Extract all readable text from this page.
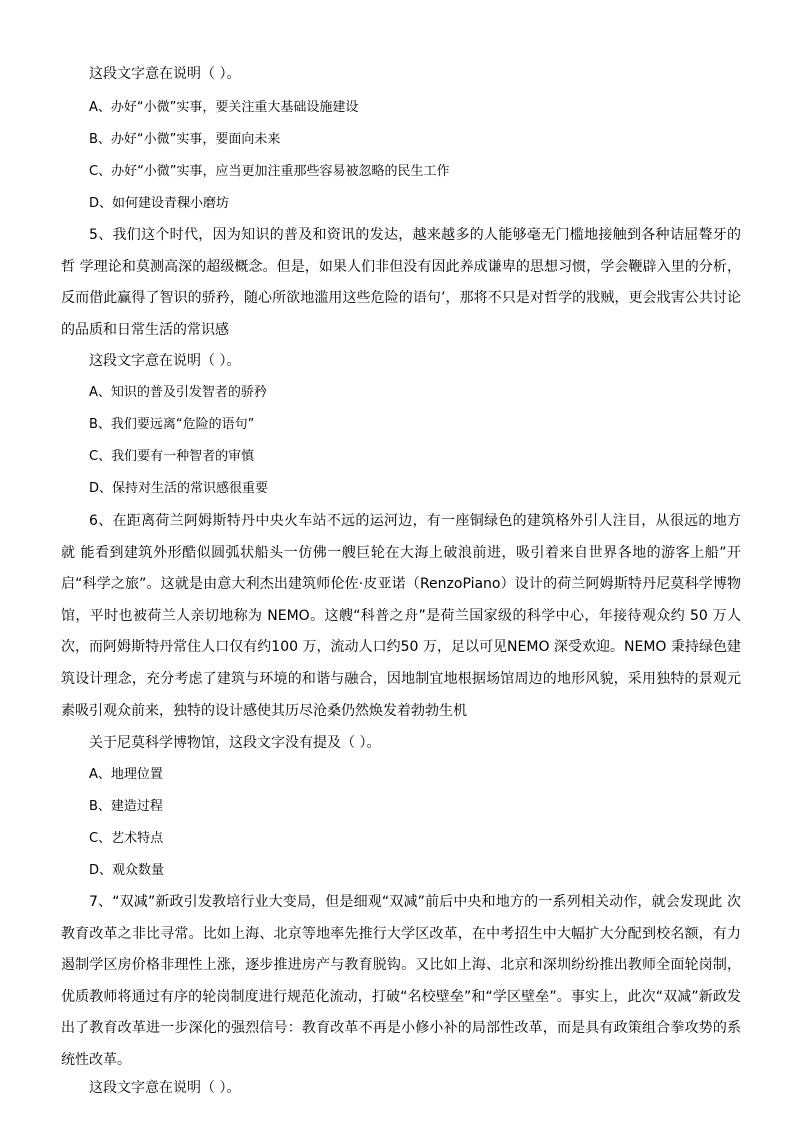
这段文字意在说明（ ）。
A、办好“小微”实事，要关注重大基础设施建设
B、办好“小微”实事，要面向未来
C、办好“小微”实事，应当更加注重那些容易被忽略的民生工作
D、如何建设青稞小磨坊
5、我们这个时代，因为知识的普及和资讯的发达，越来越多的人能够毫无门槛地接触到各种诘屈聱牙的哲 学理论和莫测高深的超级概念。但是，如果人们非但没有因此养成谦卑的思想习惯，学会鞭辟入里的分析，反而借此赢得了智识的骄矜，随心所欲地滥用这些危险的语句’，那将不只是对哲学的戕贼，更会戕害公共讨论的品质和日常生活的常识感
这段文字意在说明（ ）。
A、知识的普及引发智者的骄矜
B、我们要远离“危险的语句”
C、我们要有一种智者的审慎
D、保持对生活的常识感很重要
6、在距离荷兰阿姆斯特丹中央火车站不远的运河边，有一座铜绿色的建筑格外引人注目，从很远的地方就 能看到建筑外形酷似圆弧状船头一仿佛一艘巨轮在大海上破浪前进，吸引着来自世界各地的游客上船”开启“科学之旅”。这就是由意大利杰出建筑师伦佐·皮亚诺（RenzoPiano）设计的荷兰阿姆斯特丹尼莫科学博物馆，平时也被荷兰人亲切地称为 NEMO。这艘“科普之舟”是荷兰国家级的科学中心，年接待观众约 50 万人次，而阿姆斯特丹常住人口仅有约100 万，流动人口约50 万，足以可见NEMO 深受欢迎。NEMO 秉持绿色建筑设计理念，充分考虑了建筑与环境的和谐与融合，因地制宜地根据场馆周边的地形风貌，采用独特的景观元素吸引观众前来，独特的设计感使其历尽沧桑仍然焕发着勃勃生机
关于尼莫科学博物馆，这段文字没有提及（ ）。
A、地理位置
B、建造过程
C、艺术特点
D、观众数量
7、“双减”新政引发教培行业大变局，但是细观“双减”前后中央和地方的一系列相关动作，就会发现此 次教育改革之非比寻常。比如上海、北京等地率先推行大学区改革，在中考招生中大幅扩大分配到校名额，有力遏制学区房价格非理性上涨，逐步推进房产与教育脱钩。又比如上海、北京和深圳纷纷推出教师全面轮岗制，优质教师将通过有序的轮岗制度进行规范化流动，打破“名校壁垒”和“学区壁垒”。事实上，此次“双减”新政发出了教育改革进一步深化的强烈信号：教育改革不再是小修小补的局部性改革，而是具有政策组合拳攻势的系统性改革。
这段文字意在说明（ ）。
